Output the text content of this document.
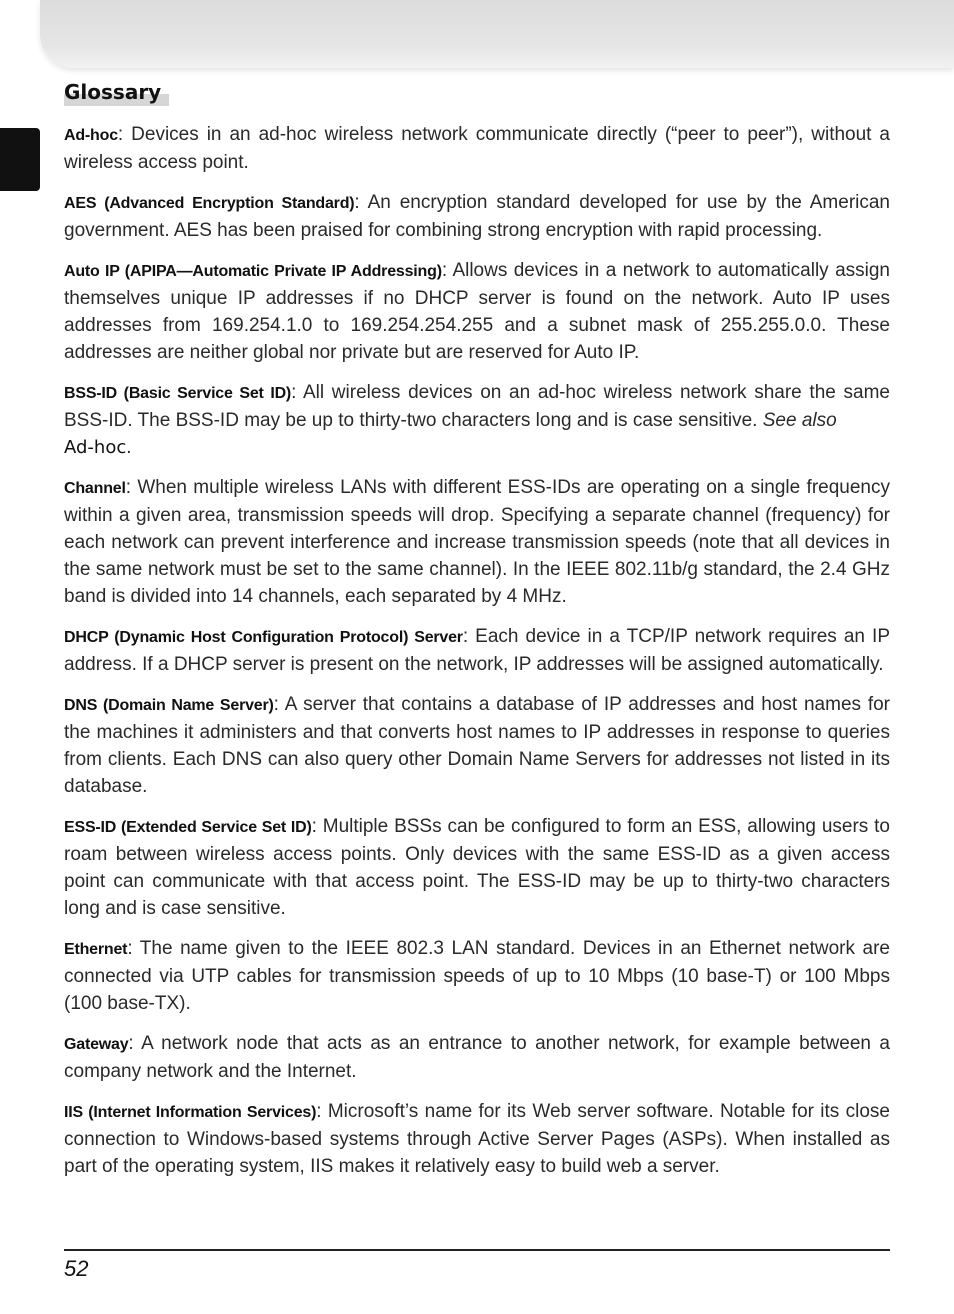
Glossary

Ad-hoc: Devices in an ad-hoc wireless network communicate directly (“peer to peer”), without a wireless access point.

AES (Advanced Encryption Standard): An encryption standard developed for use by the American government. AES has been praised for combining strong encryption with rapid processing.

Auto IP (APIPA—Automatic Private IP Addressing): Allows devices in a network to automatically assign themselves unique IP addresses if no DHCP server is found on the network. Auto IP uses addresses from 169.254.1.0 to 169.254.254.255 and a subnet mask of 255.255.0.0. These addresses are neither global nor private but are reserved for Auto IP.

BSS-ID (Basic Service Set ID): All wireless devices on an ad-hoc wireless network share the same BSS-ID. The BSS-ID may be up to thirty-two characters long and is case sensitive. See also
Ad-hoc.

Channel: When multiple wireless LANs with different ESS-IDs are operating on a single frequency within a given area, transmission speeds will drop. Specifying a separate channel (frequency) for each network can prevent interference and increase transmission speeds (note that all devices in the same network must be set to the same channel). In the IEEE 802.11b/g standard, the 2.4 GHz band is divided into 14 channels, each separated by 4 MHz.

DHCP (Dynamic Host Configuration Protocol) Server: Each device in a TCP/IP network requires an IP address. If a DHCP server is present on the network, IP addresses will be assigned automatically.

DNS (Domain Name Server): A server that contains a database of IP addresses and host names for the machines it administers and that converts host names to IP addresses in response to queries from clients. Each DNS can also query other Domain Name Servers for addresses not listed in its database.

ESS-ID (Extended Service Set ID): Multiple BSSs can be configured to form an ESS, allowing users to roam between wireless access points. Only devices with the same ESS-ID as a given access point can communicate with that access point. The ESS-ID may be up to thirty-two characters long and is case sensitive.

Ethernet: The name given to the IEEE 802.3 LAN standard. Devices in an Ethernet network are connected via UTP cables for transmission speeds of up to 10 Mbps (10 base-T) or 100 Mbps (100 base-TX).

Gateway: A network node that acts as an entrance to another network, for example between a company network and the Internet.

IIS (Internet Information Services): Microsoft’s name for its Web server software. Notable for its close connection to Windows-based systems through Active Server Pages (ASPs). When installed as part of the operating system, IIS makes it relatively easy to build web a server.

52
